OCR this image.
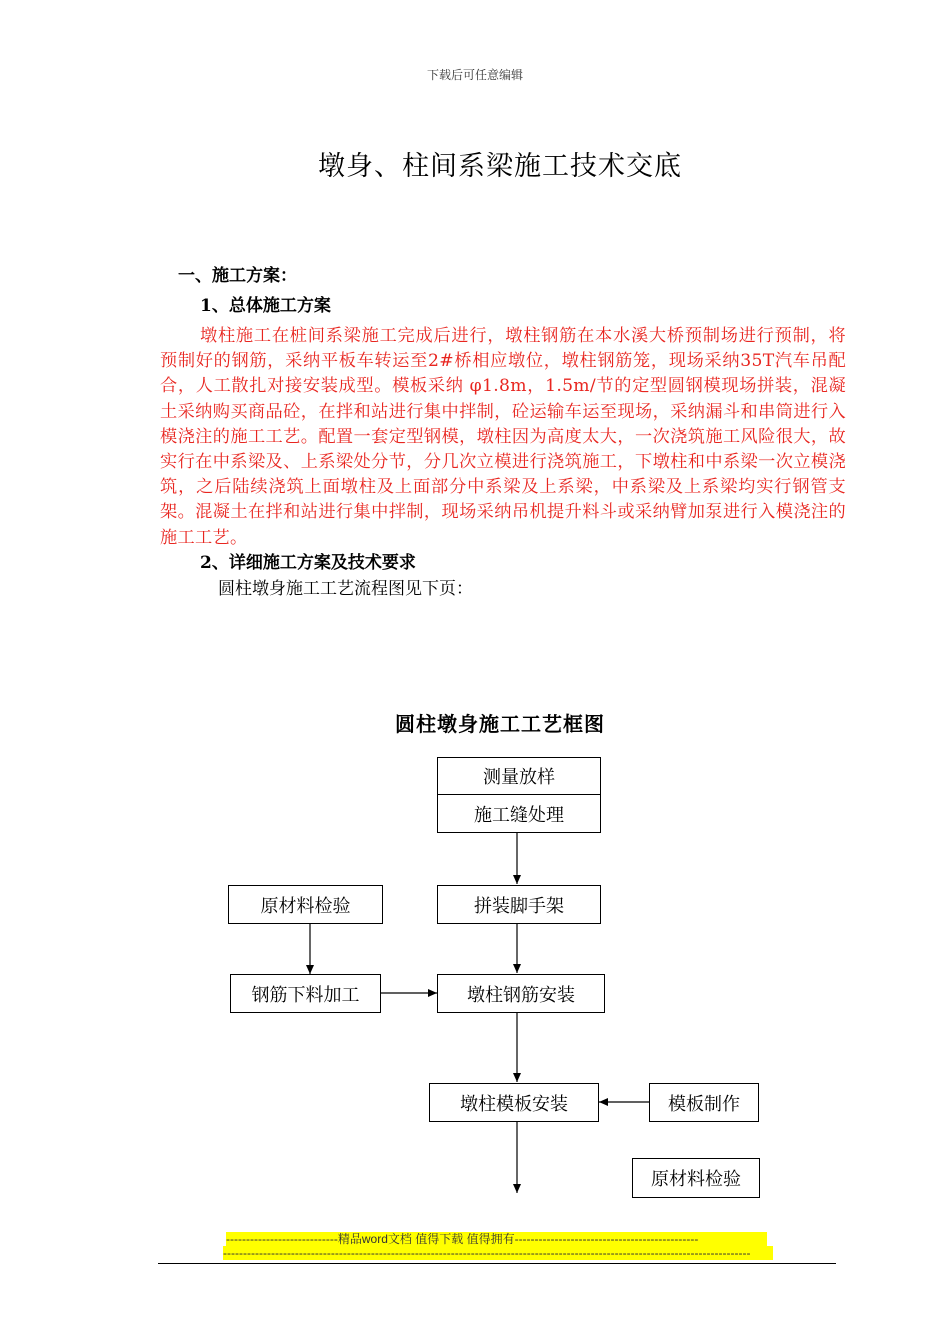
下载后可任意编辑
墩身、柱间系梁施工技术交底
一、施工方案：
1、总体施工方案
墩柱施工在桩间系梁施工完成后进行，墩柱钢筋在本水溪大桥预制场进行预制，将预制好的钢筋，采纳平板车转运至2#桥相应墩位，墩柱钢筋笼，现场采纳35T汽车吊配合，人工散扎对接安装成型。模板采纳 φ1.8m，1.5m/节的定型圆钢模现场拼装，混凝土采纳购买商品砼，在拌和站进行集中拌制，砼运输车运至现场，采纳漏斗和串筒进行入模浇注的施工工艺。配置一套定型钢模，墩柱因为高度太大，一次浇筑施工风险很大，故实行在中系梁及、上系梁处分节，分几次立模进行浇筑施工，下墩柱和中系梁一次立模浇筑，之后陆续浇筑上面墩柱及上面部分中系梁及上系梁，中系梁及上系梁均实行钢管支架。混凝土在拌和站进行集中拌制，现场采纳吊机提升料斗或采纳臂加泵进行入模浇注的施工工艺。
2、详细施工方案及技术要求
圆柱墩身施工工艺流程图见下页：
圆柱墩身施工工艺框图
测量放样
施工缝处理
原材料检验	拼装脚手架
钢筋下料加工	墩柱钢筋安装
墩柱模板安装	模板制作
原材料检验
----------------------------精品word文档 值得下载 值得拥有----------------------------------------------
------------------------------------------------------------------------------------------------------------------------------------
